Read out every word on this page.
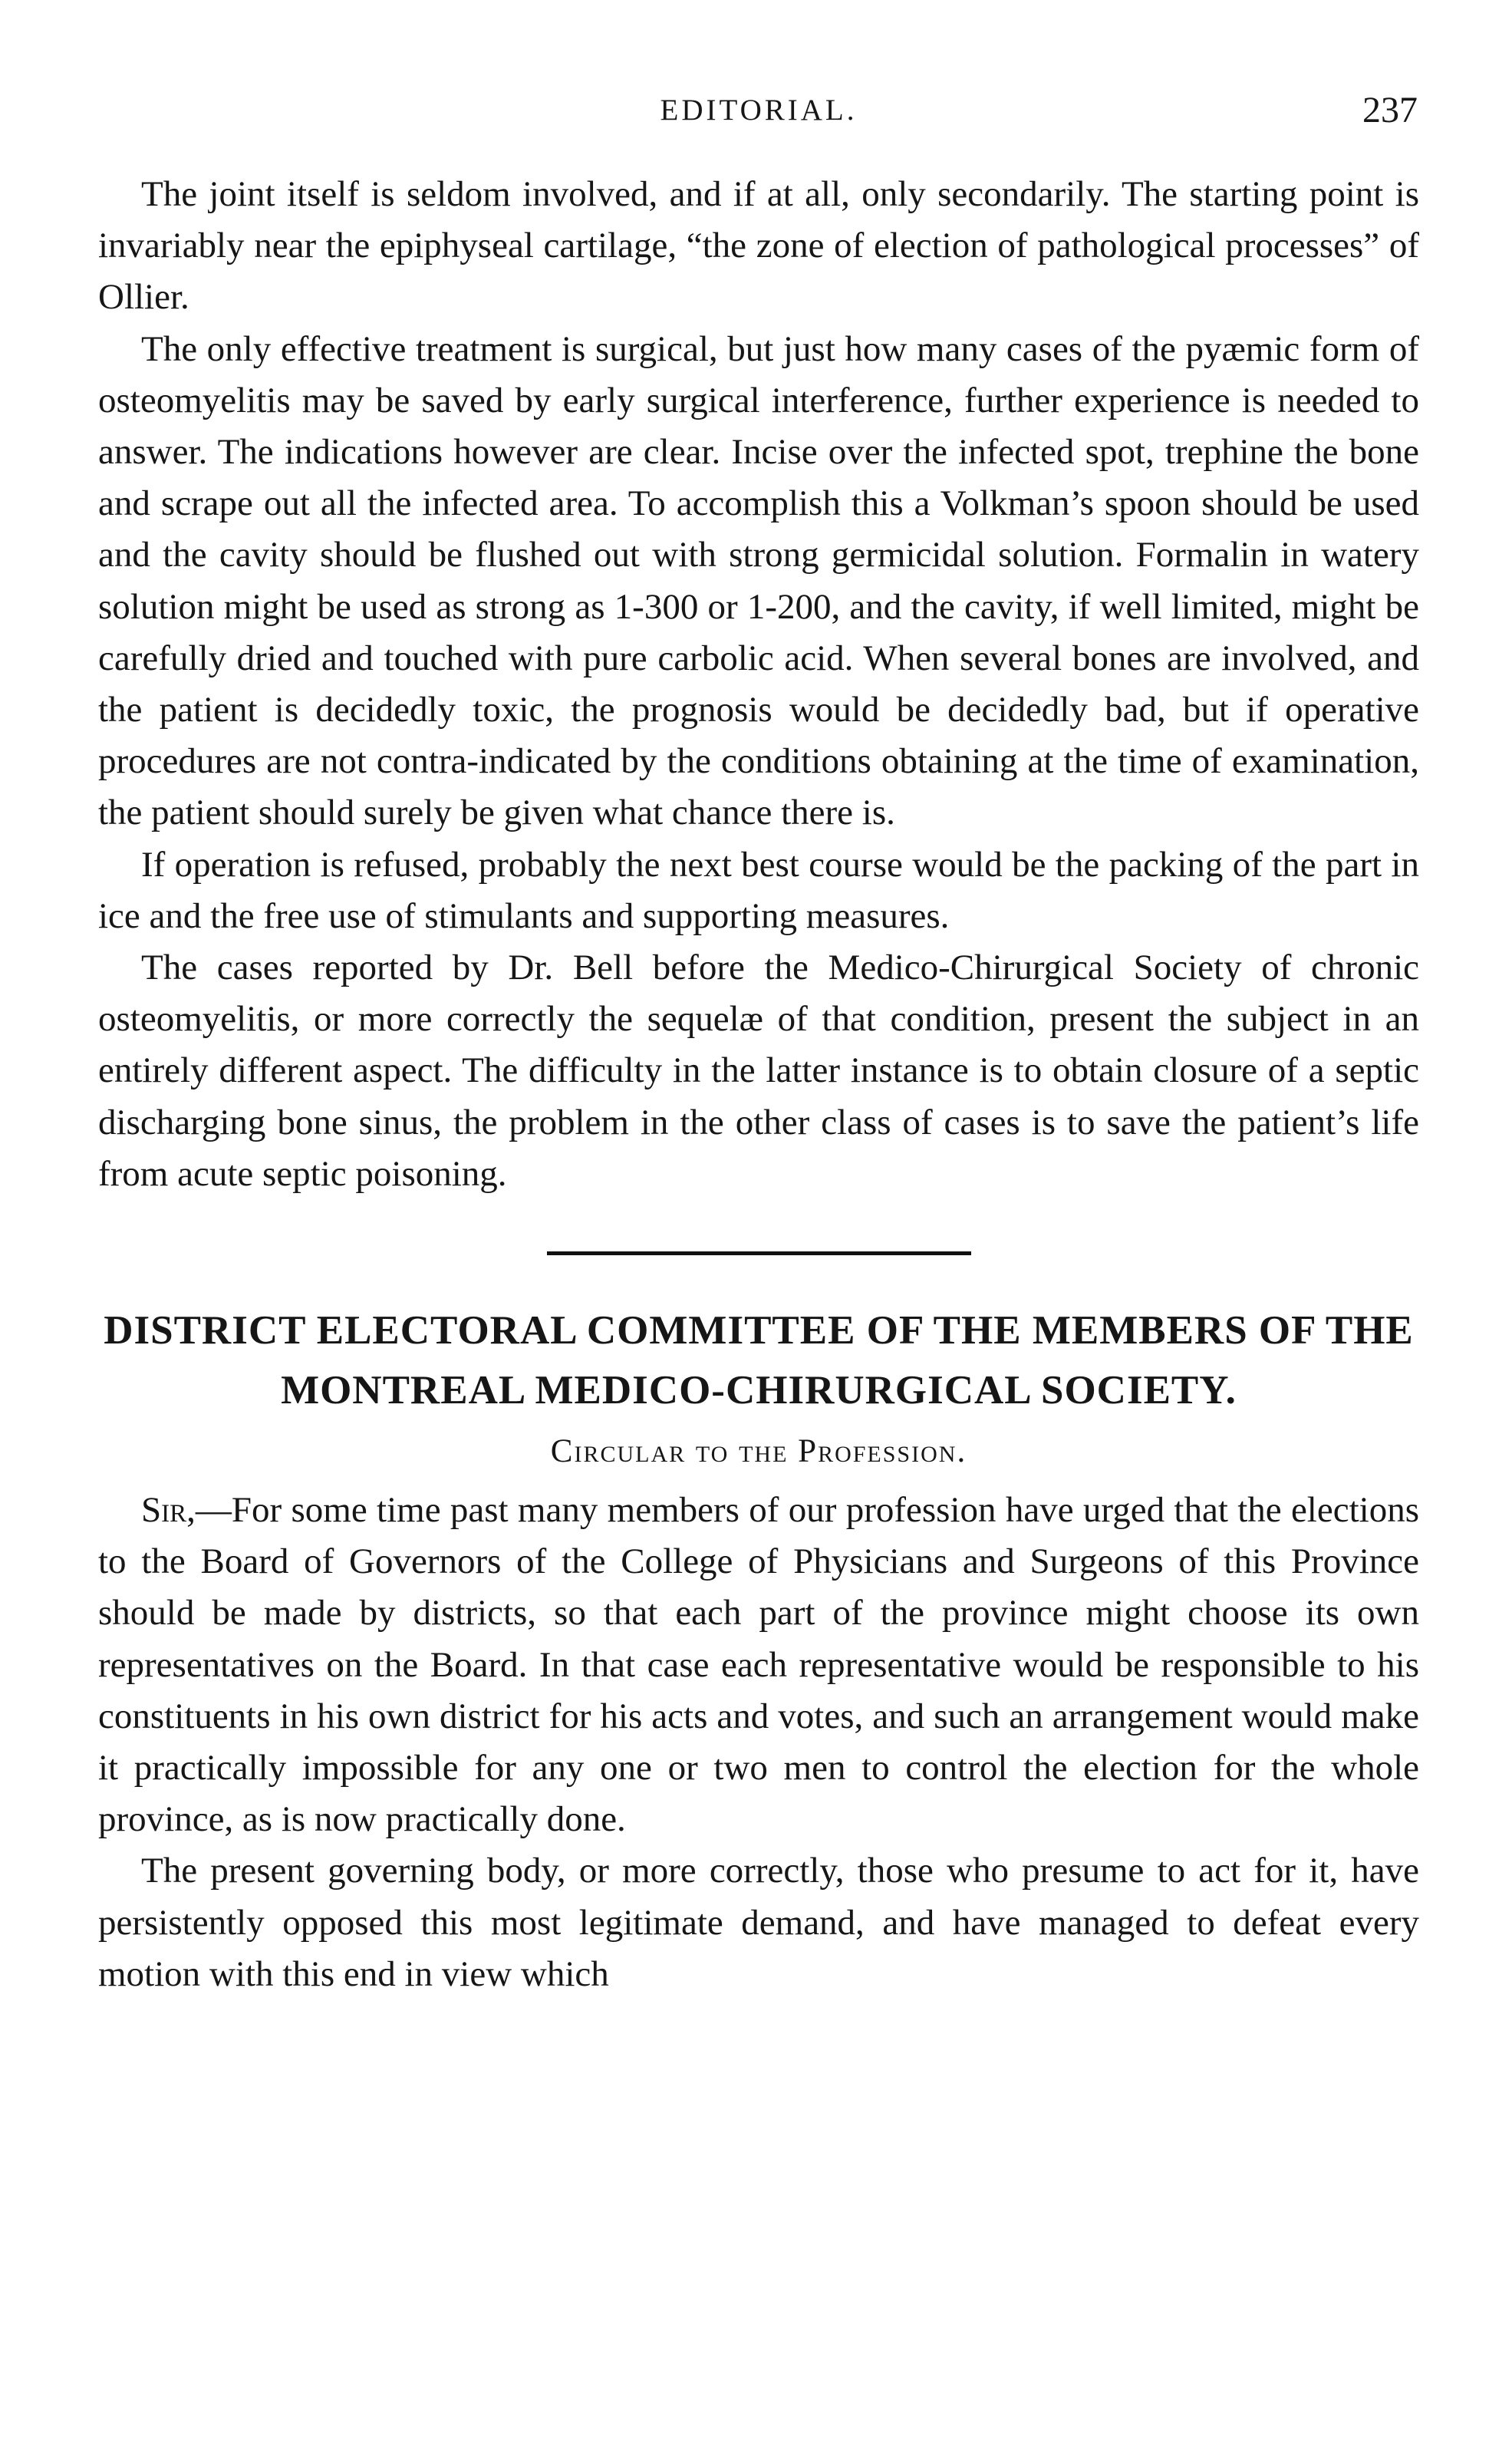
EDITORIAL.	237

The joint itself is seldom involved, and if at all, only secondarily. The starting point is invariably near the epiphyseal cartilage, “the zone of election of pathological processes” of Ollier.

The only effective treatment is surgical, but just how many cases of the pyæmic form of osteomyelitis may be saved by early surgical interference, further experience is needed to answer. The indications however are clear. Incise over the infected spot, trephine the bone and scrape out all the infected area. To accomplish this a Volkman’s spoon should be used and the cavity should be flushed out with strong germicidal solution. Formalin in watery solution might be used as strong as 1-300 or 1-200, and the cavity, if well limited, might be carefully dried and touched with pure carbolic acid. When several bones are involved, and the patient is decidedly toxic, the prognosis would be decidedly bad, but if operative procedures are not contra-indicated by the conditions obtaining at the time of examination, the patient should surely be given what chance there is.

If operation is refused, probably the next best course would be the packing of the part in ice and the free use of stimulants and supporting measures.

The cases reported by Dr. Bell before the Medico-Chirurgical Society of chronic osteomyelitis, or more correctly the sequelæ of that condition, present the subject in an entirely different aspect. The difficulty in the latter instance is to obtain closure of a septic discharging bone sinus, the problem in the other class of cases is to save the patient’s life from acute septic poisoning.

DISTRICT ELECTORAL COMMITTEE OF THE MEMBERS OF THE MONTREAL MEDICO-CHIRURGICAL SOCIETY.
Circular to the Profession.

Sir,—For some time past many members of our profession have urged that the elections to the Board of Governors of the College of Physicians and Surgeons of this Province should be made by districts, so that each part of the province might choose its own representatives on the Board. In that case each representative would be responsible to his constituents in his own district for his acts and votes, and such an arrangement would make it practically impossible for any one or two men to control the election for the whole province, as is now practically done.

The present governing body, or more correctly, those who presume to act for it, have persistently opposed this most legitimate demand, and have managed to defeat every motion with this end in view which
